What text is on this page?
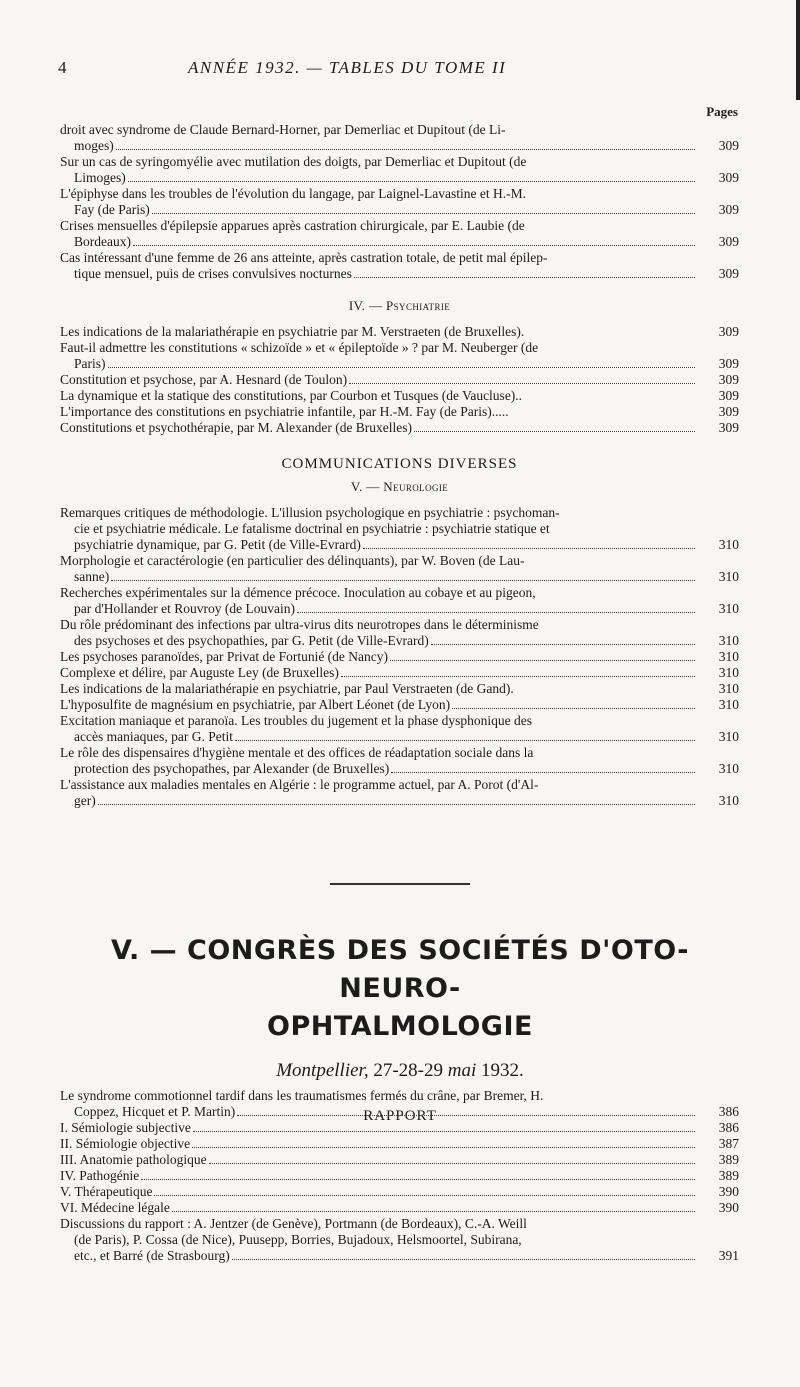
4	ANNÉE 1932. — TABLES DU TOME II
Pages
droit avec syndrome de Claude Bernard-Horner, par Demerliac et Dupitout (de Li-
moges)	309
Sur un cas de syringomyélie avec mutilation des doigts, par Demerliac et Dupitout (de
Limoges)	309
L'épiphyse dans les troubles de l'évolution du langage, par Laignel-Lavastine et H.-M.
Fay (de Paris)	309
Crises mensuelles d'épilepsie apparues après castration chirurgicale, par E. Laubie (de
Bordeaux)	309
Cas intéressant d'une femme de 26 ans atteinte, après castration totale, de petit mal épilep-
tique mensuel, puis de crises convulsives nocturnes	309
IV. — Psychiatrie
Les indications de la malariathérapie en psychiatrie par M. Verstraeten (de Bruxelles).	309
Faut-il admettre les constitutions « schizoïde » et « épileptoïde » ? par M. Neuberger (de
Paris)	309
Constitution et psychose, par A. Hesnard (de Toulon)	309
La dynamique et la statique des constitutions, par Courbon et Tusques (de Vaucluse)..	309
L'importance des constitutions en psychiatrie infantile, par H.-M. Fay (de Paris).....	309
Constitutions et psychothérapie, par M. Alexander (de Bruxelles)	309
COMMUNICATIONS DIVERSES
V. — Neurologie
Remarques critiques de méthodologie. L'illusion psychologique en psychiatrie : psychoman-
cie et psychiatrie médicale. Le fatalisme doctrinal en psychiatrie : psychiatrie statique et
psychiatrie dynamique, par G. Petit (de Ville-Evrard)	310
Morphologie et caractérologie (en particulier des délinquants), par W. Boven (de Lau-
sanne)	310
Recherches expérimentales sur la démence précoce. Inoculation au cobaye et au pigeon,
par d'Hollander et Rouvroy (de Louvain)	310
Du rôle prédominant des infections par ultra-virus dits neurotropes dans le déterminisme
des psychoses et des psychopathies, par G. Petit (de Ville-Evrard)	310
Les psychoses paranoïdes, par Privat de Fortunié (de Nancy)	310
Complexe et délire, par Auguste Ley (de Bruxelles)	310
Les indications de la malariathérapie en psychiatrie, par Paul Verstraeten (de Gand).	310
L'hyposulfite de magnésium en psychiatrie, par Albert Léonet (de Lyon)	310
Excitation maniaque et paranoïa. Les troubles du jugement et la phase dysphonique des
accès maniaques, par G. Petit	310
Le rôle des dispensaires d'hygiène mentale et des offices de réadaptation sociale dans la
protection des psychopathes, par Alexander (de Bruxelles)	310
L'assistance aux maladies mentales en Algérie : le programme actuel, par A. Porot (d'Al-
ger)	310
V. — CONGRÈS DES SOCIÉTÉS D'OTO-NEURO-
OPHTALMOLOGIE
Montpellier, 27-28-29 mai 1932.
RAPPORT
Le syndrome commotionnel tardif dans les traumatismes fermés du crâne, par Bremer, H.
Coppez, Hicquet et P. Martin)	386
I. Sémiologie subjective	386
II. Sémiologie objective	387
III. Anatomie pathologique	389
IV. Pathogénie	389
V. Thérapeutique	390
VI. Médecine légale	390
Discussions du rapport : A. Jentzer (de Genève), Portmann (de Bordeaux), C.-A. Weill
(de Paris), P. Cossa (de Nice), Puusepp, Borries, Bujadoux, Helsmoortel, Subirana,
etc., et Barré (de Strasbourg)	391
